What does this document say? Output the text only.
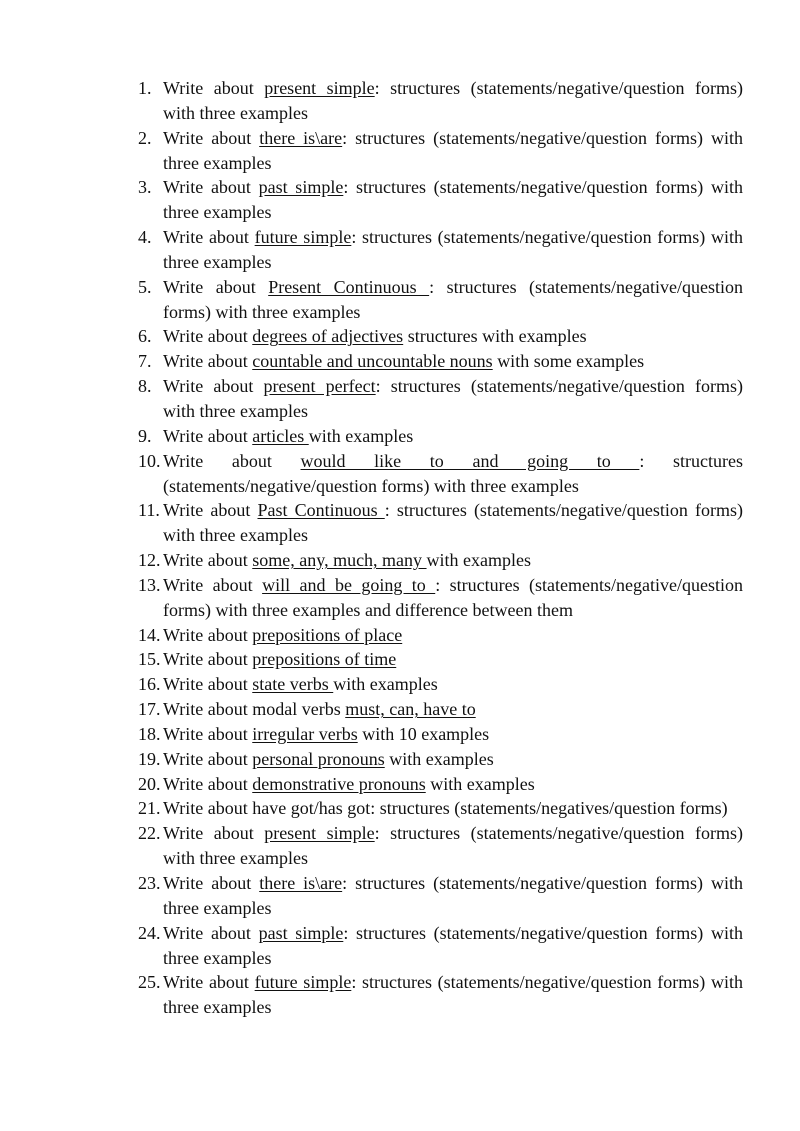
1. Write about present simple: structures (statements/negative/question forms) with three examples
2. Write about there is\are: structures (statements/negative/question forms) with three examples
3. Write about past simple: structures (statements/negative/question forms) with three examples
4. Write about future simple: structures (statements/negative/question forms) with three examples
5. Write about Present Continuous : structures (statements/negative/question forms) with three examples
6. Write about degrees of adjectives structures with examples
7. Write about countable and uncountable nouns with some examples
8. Write about present perfect: structures (statements/negative/question forms) with three examples
9. Write about articles with examples
10. Write about would like to and going to : structures (statements/negative/question forms) with three examples
11. Write about Past Continuous : structures (statements/negative/question forms) with three examples
12. Write about some, any, much, many with examples
13. Write about will and be going to : structures (statements/negative/question forms) with three examples and difference between them
14. Write about prepositions of place
15. Write about prepositions of time
16. Write about state verbs with examples
17. Write about modal verbs must, can, have to
18. Write about irregular verbs with 10 examples
19. Write about personal pronouns with examples
20. Write about demonstrative pronouns with examples
21. Write about have got/has got: structures (statements/negatives/question forms)
22. Write about present simple: structures (statements/negative/question forms) with three examples
23. Write about there is\are: structures (statements/negative/question forms) with three examples
24. Write about past simple: structures (statements/negative/question forms) with three examples
25. Write about future simple: structures (statements/negative/question forms) with three examples
